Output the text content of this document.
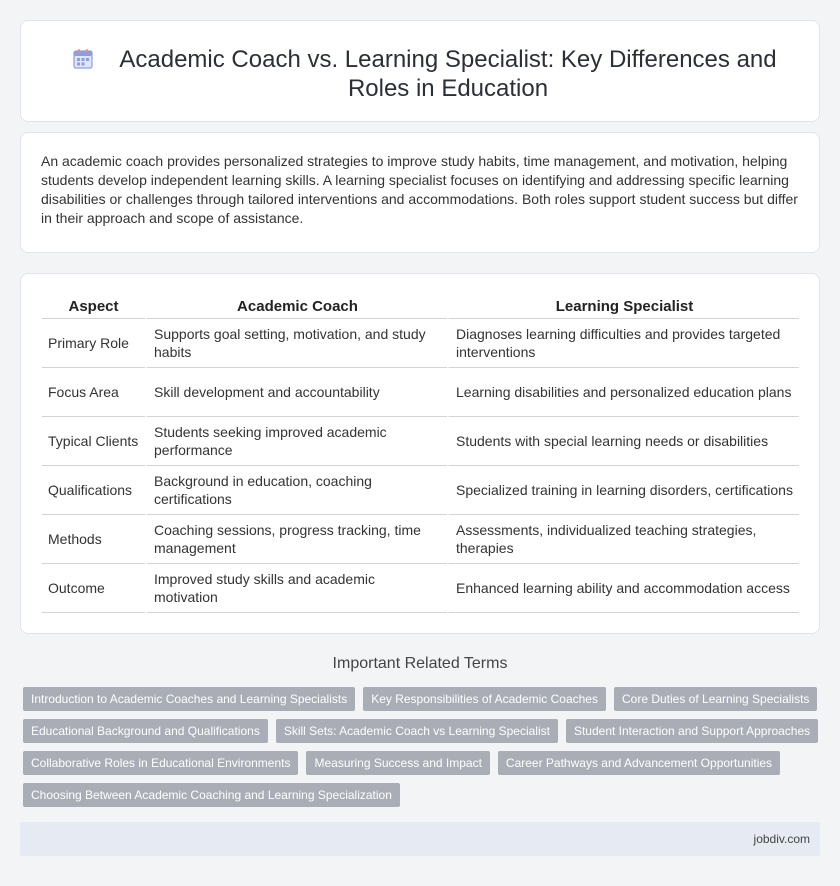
Academic Coach vs. Learning Specialist: Key Differences and Roles in Education

An academic coach provides personalized strategies to improve study habits, time management, and motivation, helping students develop independent learning skills. A learning specialist focuses on identifying and addressing specific learning disabilities or challenges through tailored interventions and accommodations. Both roles support student success but differ in their approach and scope of assistance.

Aspect	Academic Coach	Learning Specialist
Primary Role	Supports goal setting, motivation, and study habits	Diagnoses learning difficulties and provides targeted interventions
Focus Area	Skill development and accountability	Learning disabilities and personalized education plans
Typical Clients	Students seeking improved academic performance	Students with special learning needs or disabilities
Qualifications	Background in education, coaching certifications	Specialized training in learning disorders, certifications
Methods	Coaching sessions, progress tracking, time management	Assessments, individualized teaching strategies, therapies
Outcome	Improved study skills and academic motivation	Enhanced learning ability and accommodation access
Important Related Terms
Introduction to Academic Coaches and Learning Specialists	Key Responsibilities of Academic Coaches	Core Duties of Learning Specialists
Educational Background and Qualifications	Skill Sets: Academic Coach vs Learning Specialist	Student Interaction and Support Approaches
Collaborative Roles in Educational Environments	Measuring Success and Impact	Career Pathways and Advancement Opportunities
Choosing Between Academic Coaching and Learning Specialization
jobdiv.com
